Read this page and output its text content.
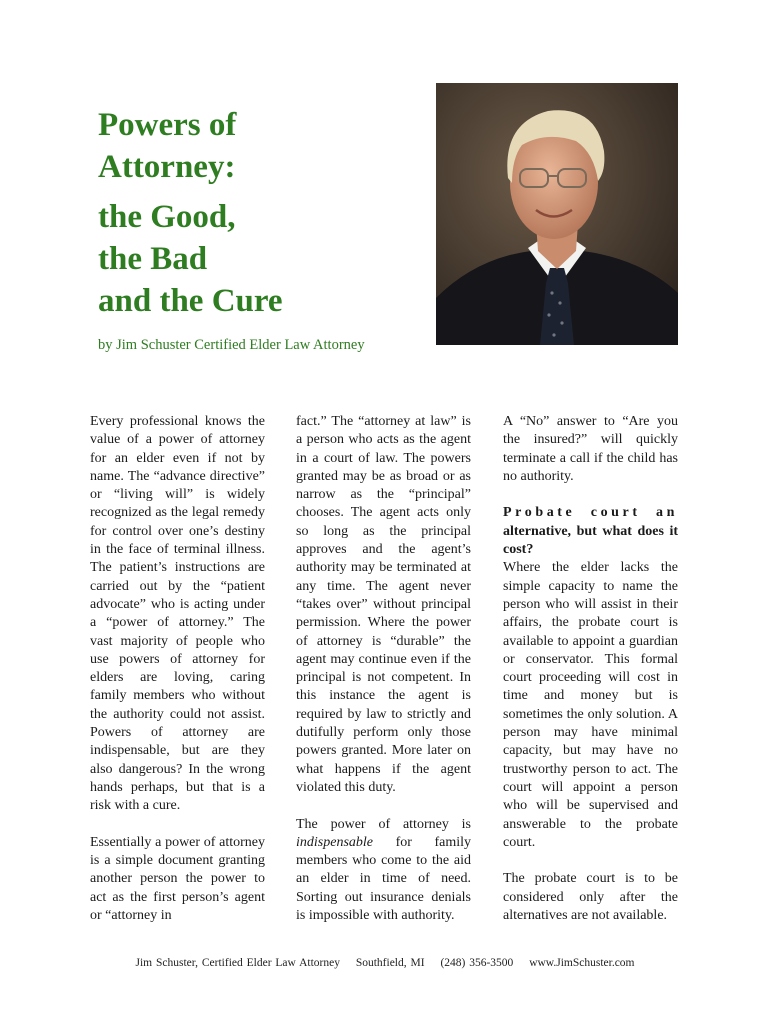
Powers of
Attorney:
the Good,
the Bad
and the Cure
by Jim Schuster Certified Elder Law Attorney

Every professional knows the value of a power of attorney for an elder even if not by name. The “advance directive” or “living will” is widely recognized as the legal remedy for control over one’s destiny in the face of terminal illness. The patient’s instructions are carried out by the “patient advocate” who is acting under a “power of attorney.” The vast majority of people who use powers of attorney for elders are loving, caring family members who without the authority could not assist. Powers of attorney are indispensable, but are they also dangerous? In the wrong hands perhaps, but that is a risk with a cure.

Essentially a power of attorney is a simple document granting another person the power to act as the first person’s agent or “attorney in

fact.” The “attorney at law” is a person who acts as the agent in a court of law. The powers granted may be as broad or as narrow as the “principal” chooses. The agent acts only so long as the principal approves and the agent’s authority may be terminated at any time. The agent never “takes over” without principal permission. Where the power of attorney is “durable” the agent may continue even if the principal is not competent. In this instance the agent is required by law to strictly and dutifully perform only those powers granted. More later on what happens if the agent violated this duty.

The power of attorney is indispensable for family members who come to the aid an elder in time of need. Sorting out insurance denials is impossible with authority.

A “No” answer to “Are you the insured?” will quickly terminate a call if the child has no authority.

Probate court an alternative, but what does it cost?

Where the elder lacks the simple capacity to name the person who will assist in their affairs, the probate court is available to appoint a guardian or conservator. This formal court proceeding will cost in time and money but is sometimes the only solution. A person may have minimal capacity, but may have no trustworthy person to act. The court will appoint a person who will be supervised and answerable to the probate court.

The probate court is to be considered only after the alternatives are not available.

Jim Schuster, Certified Elder Law Attorney Southfield, MI (248) 356-3500 www.JimSchuster.com
